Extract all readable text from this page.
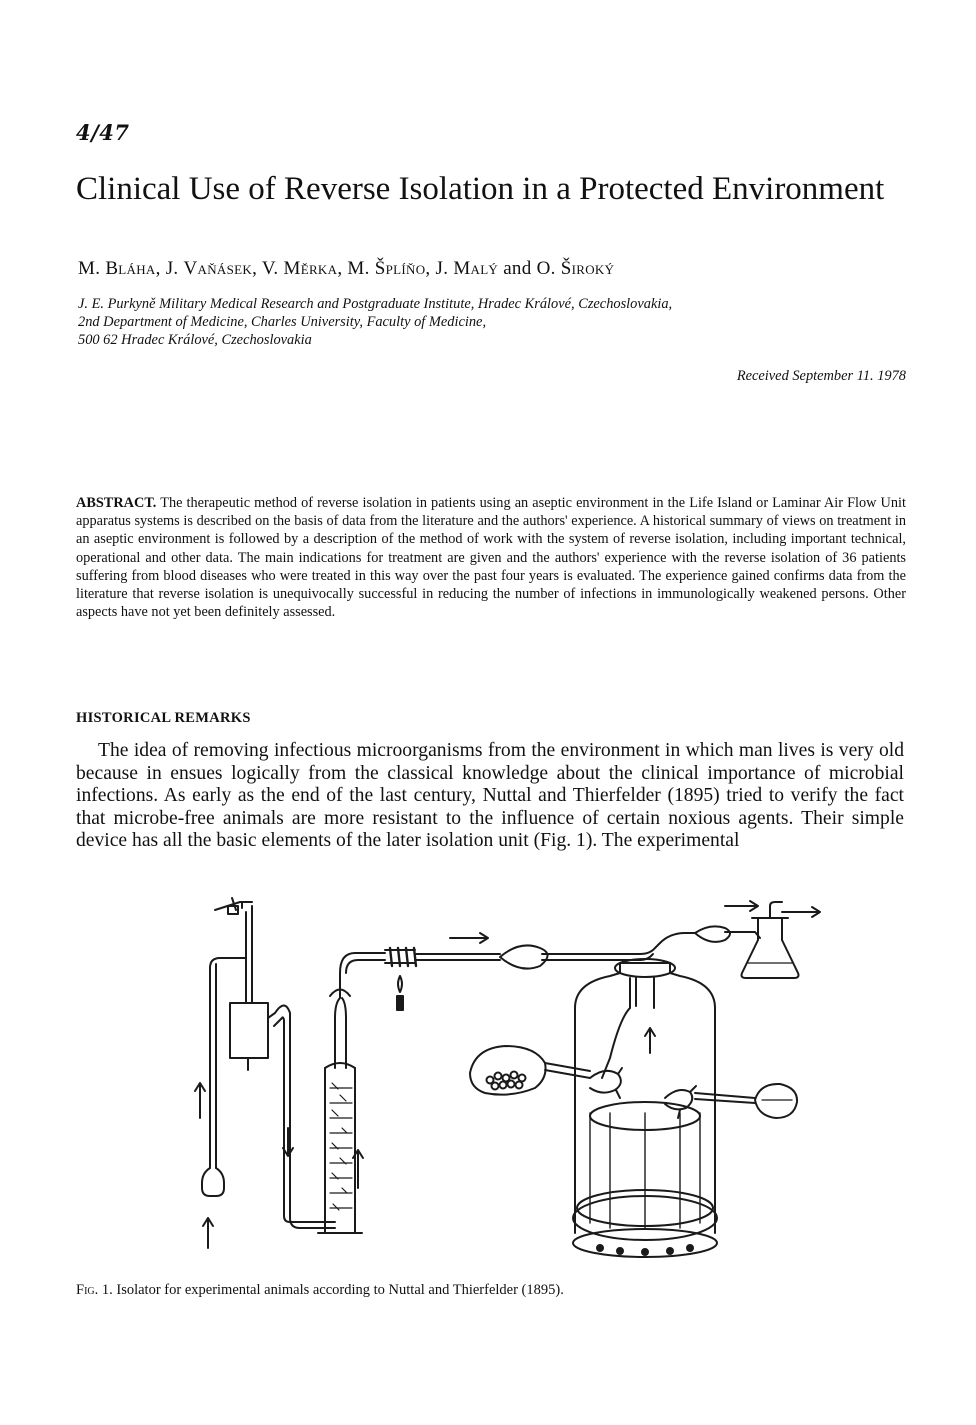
4/47
Clinical Use of Reverse Isolation in a Protected Environment
M. Bláha, J. Vaňásek, V. Měrka, M. Šplíňo, J. Malý and O. Široký
J. E. Purkyně Military Medical Research and Postgraduate Institute, Hradec Králové, Czechoslovakia,
2nd Department of Medicine, Charles University, Faculty of Medicine,
500 62 Hradec Králové, Czechoslovakia
Received September 11. 1978
ABSTRACT. The therapeutic method of reverse isolation in patients using an aseptic environment in the Life Island or Laminar Air Flow Unit apparatus systems is described on the basis of data from the literature and the authors' experience. A historical summary of views on treatment in an aseptic environment is followed by a description of the method of work with the system of reverse isolation, including important technical, operational and other data. The main indications for treatment are given and the authors' experience with the reverse isolation of 36 patients suffering from blood diseases who were treated in this way over the past four years is evaluated. The experience gained confirms data from the literature that reverse isolation is unequivocally successful in reducing the number of infections in immunologically weakened persons. Other aspects have not yet been definitely assessed.
HISTORICAL REMARKS

The idea of removing infectious microorganisms from the environment in which man lives is very old because in ensues logically from the classical knowledge about the clinical importance of microbial infections. As early as the end of the last century, Nuttal and Thierfelder (1895) tried to verify the fact that microbe-free animals are more resistant to the influence of certain noxious agents. Their simple device has all the basic elements of the later isolation unit (Fig. 1). The experimental

Fig. 1. Isolator for experimental animals according to Nuttal and Thierfelder (1895).
